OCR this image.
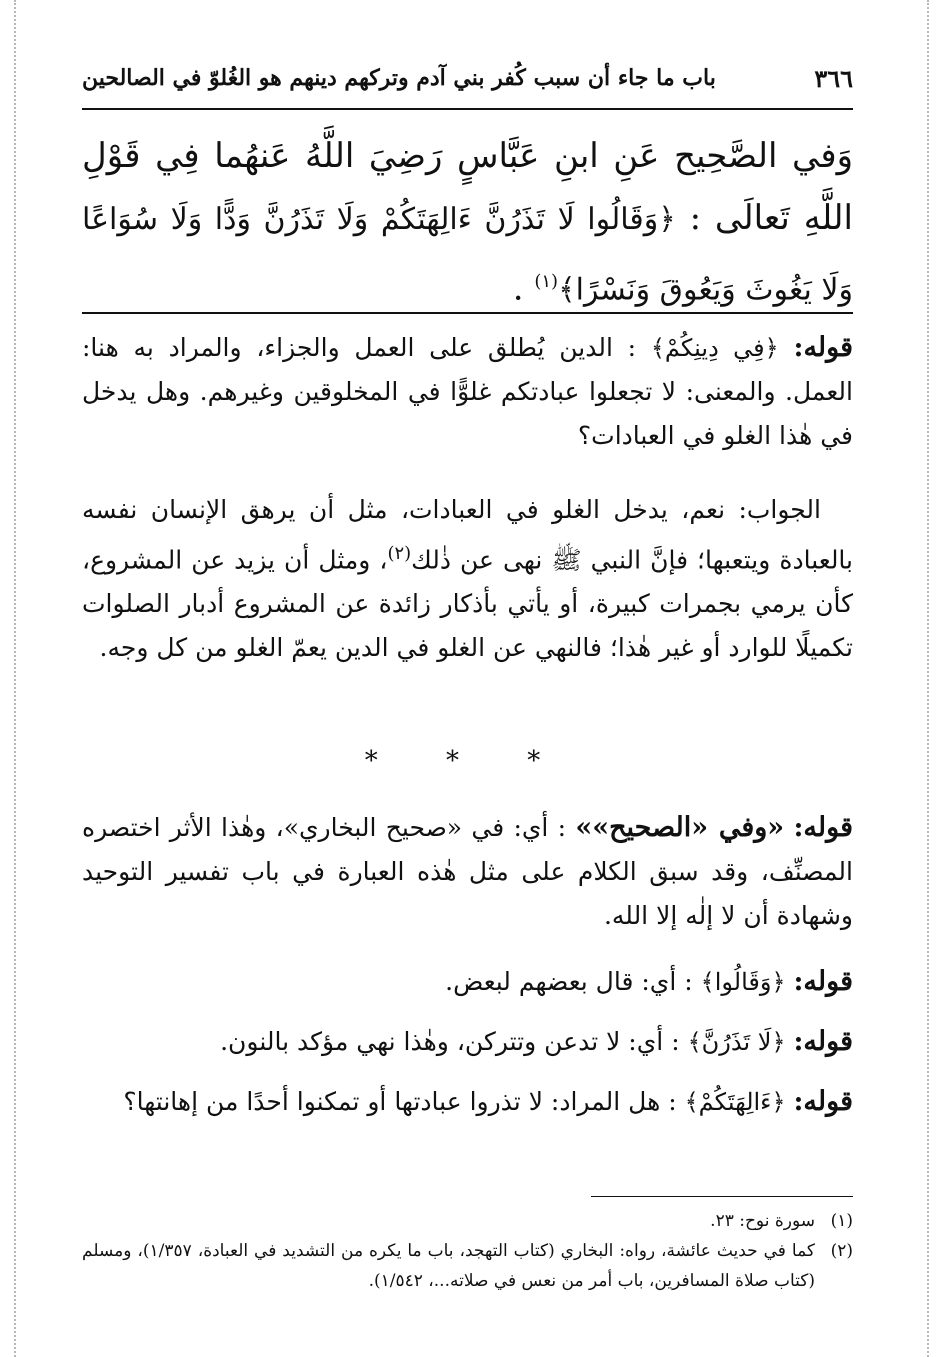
٣٦٦
باب ما جاء أن سبب كُفر بني آدم وتركهم دينهم هو الغُلوّ في الصالحين
وَفي الصَّحِيح عَنِ ابنِ عَبَّاسٍ رَضِيَ اللَّهُ عَنهُما فِي قَوْلِ اللَّهِ تَعالَى : ﴿وَقَالُوا لَا تَذَرُنَّ ءَالِهَتَكُمْ وَلَا تَذَرُنَّ وَدًّا وَلَا سُوَاعًا وَلَا يَغُوثَ وَيَعُوقَ وَنَسْرًا﴾$^{(١)}$ .
قوله: ﴿فِي دِينِكُمْ﴾ : الدين يُطلق على العمل والجزاء، والمراد به هنا: العمل. والمعنى: لا تجعلوا عبادتكم غلوًّا في المخلوقين وغيرهم. وهل يدخل في هٰذا الغلو في العبادات؟
الجواب: نعم، يدخل الغلو في العبادات، مثل أن يرهق الإنسان نفسه بالعبادة ويتعبها؛ فإنَّ النبي ﷺ نهى عن ذٰلك$^{(٢)}$، ومثل أن يزيد عن المشروع، كأن يرمي بجمرات كبيرة، أو يأتي بأذكار زائدة عن المشروع أدبار الصلوات تكميلًا للوارد أو غير هٰذا؛ فالنهي عن الغلو في الدين يعمّ الغلو من كل وجه.
* * *
قوله: «وفي «الصحيح»» : أي: في «صحيح البخاري»، وهٰذا الأثر اختصره المصنِّف، وقد سبق الكلام على مثل هٰذه العبارة في باب تفسير التوحيد وشهادة أن لا إلٰه إلا الله.
قوله: ﴿وَقَالُوا﴾ : أي: قال بعضهم لبعض.
قوله: ﴿لَا تَذَرُنَّ﴾ : أي: لا تدعن وتتركن، وهٰذا نهي مؤكد بالنون.
قوله: ﴿ءَالِهَتَكُمْ﴾ : هل المراد: لا تذروا عبادتها أو تمكنوا أحدًا من إهانتها؟
(١)
سورة نوح: ٢٣.
(٢)
كما في حديث عائشة، رواه: البخاري (كتاب التهجد، باب ما يكره من التشديد في العبادة، ١/٣٥٧)، ومسلم (كتاب صلاة المسافرين، باب أمر من نعس في صلاته...، ١/٥٤٢).
